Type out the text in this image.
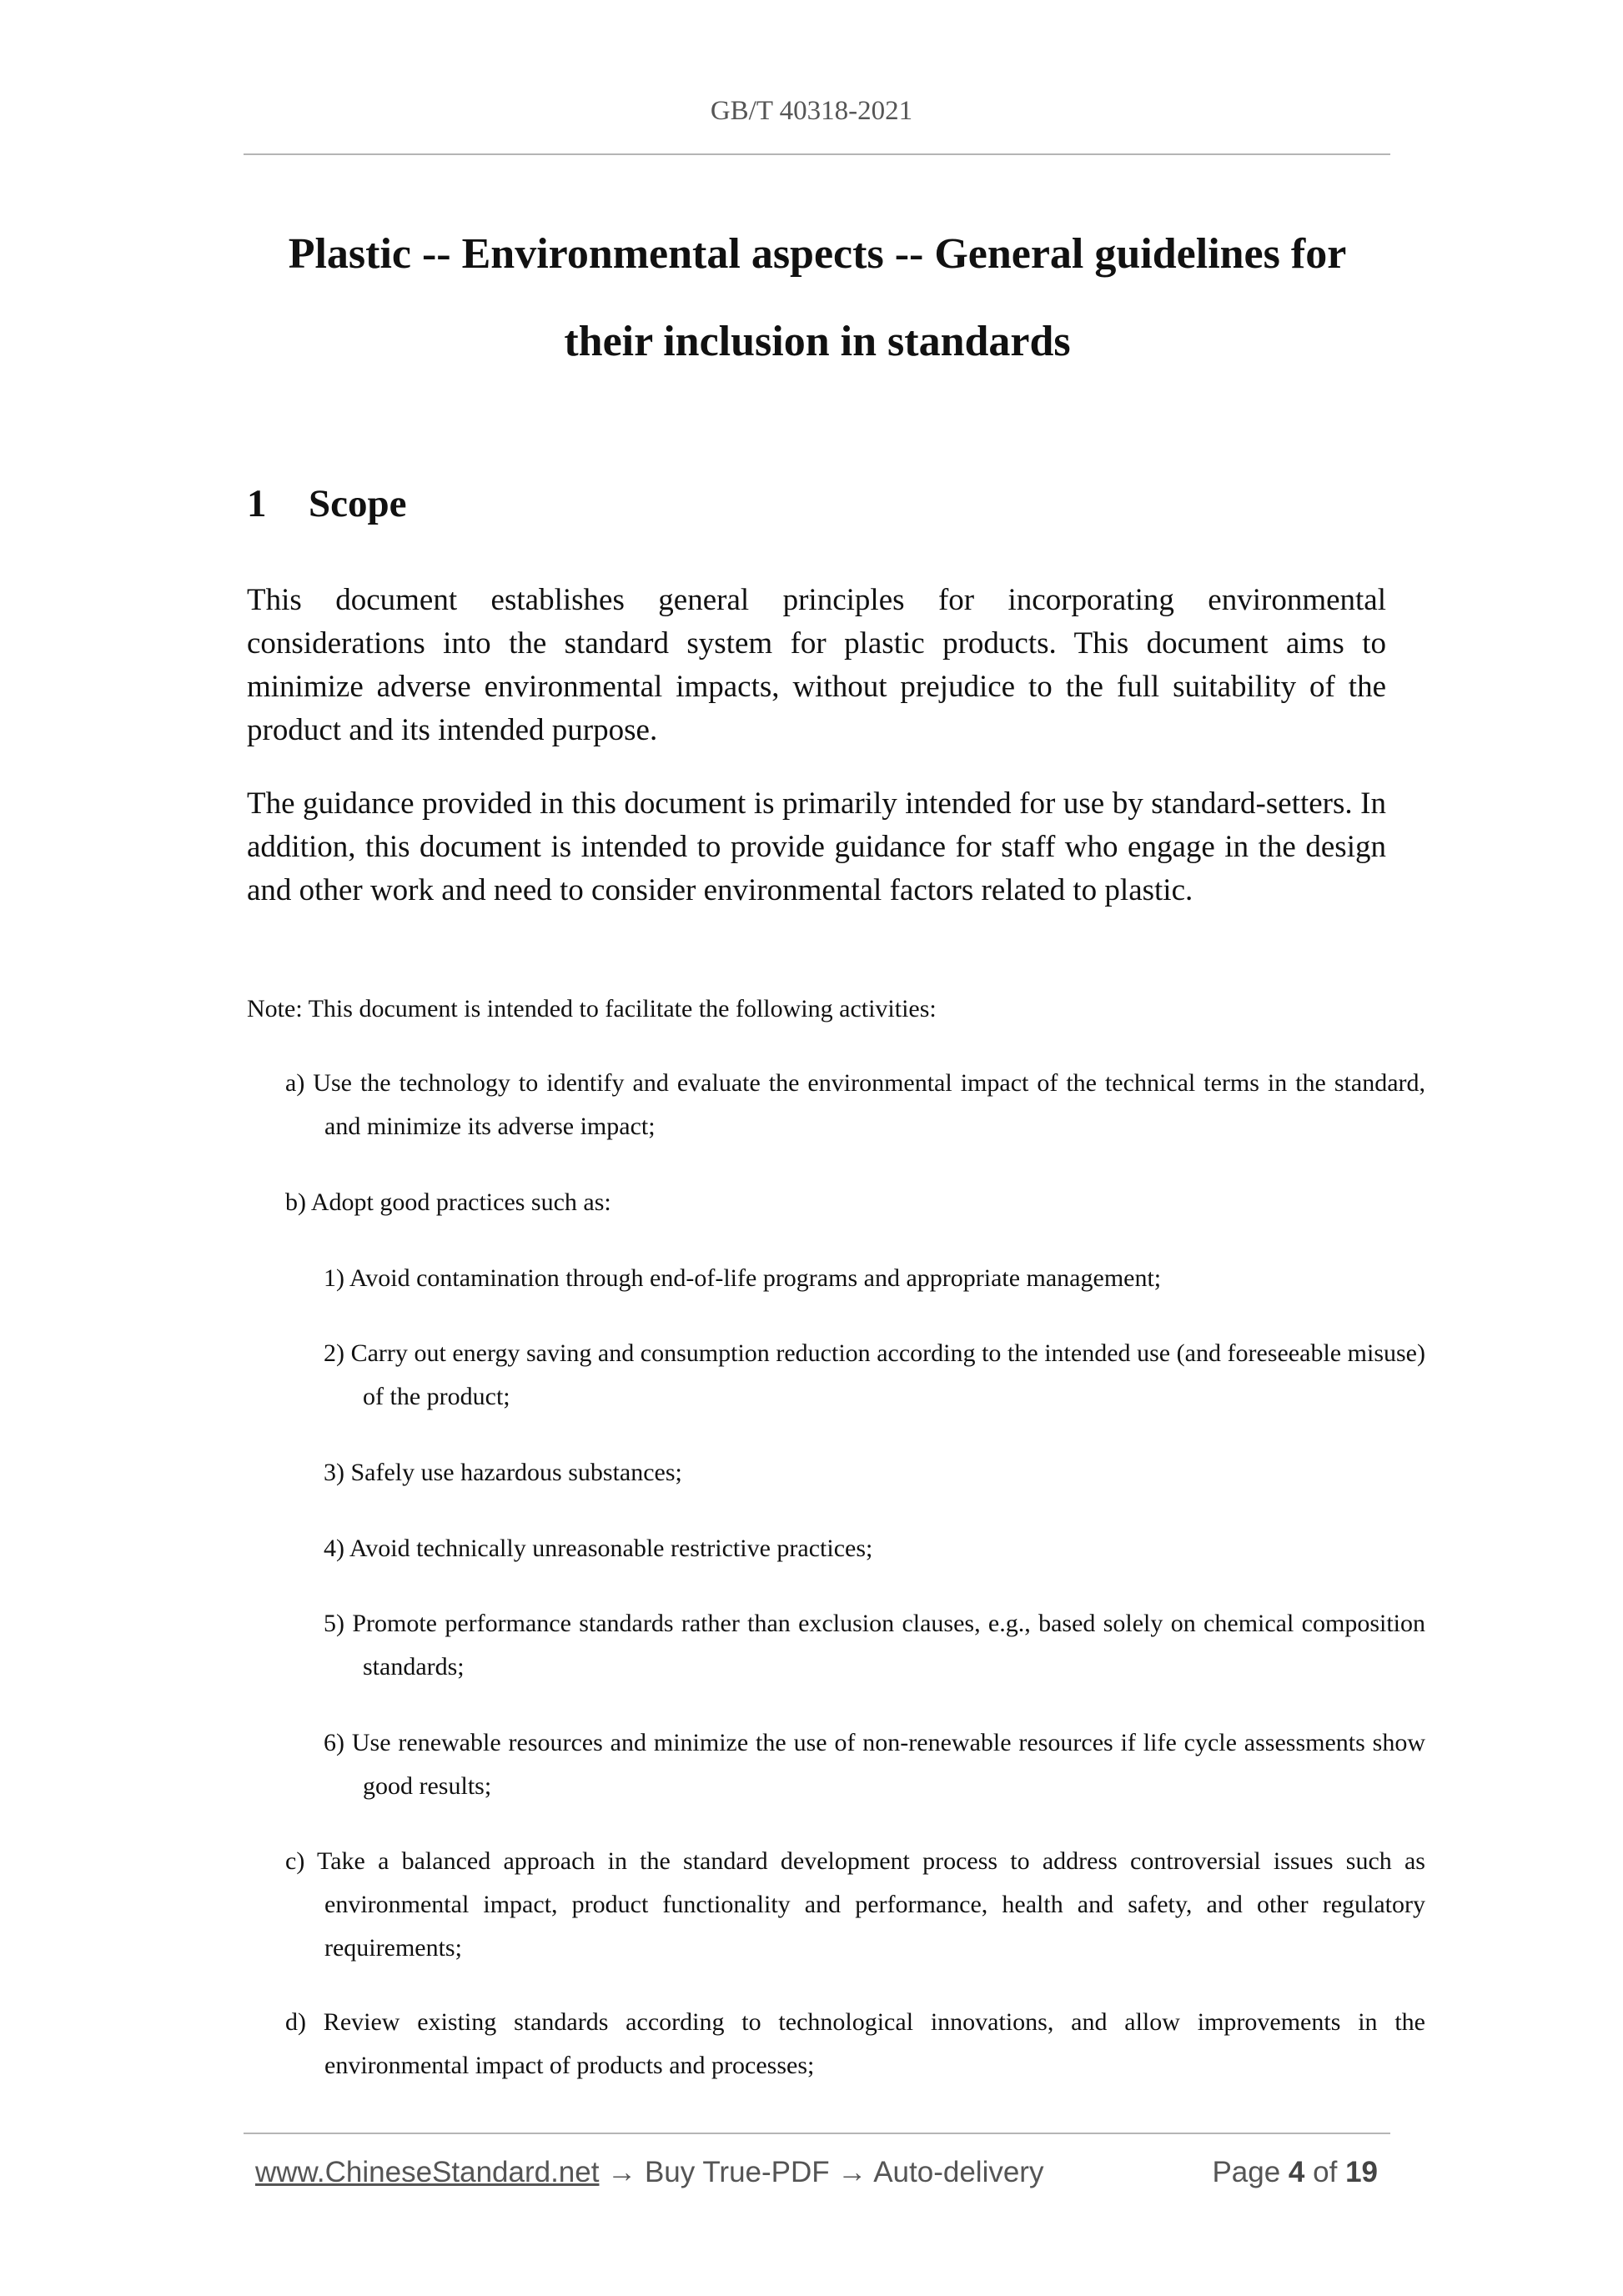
GB/T 40318-2021
Plastic -- Environmental aspects -- General guidelines for
their inclusion in standards
1 Scope

This document establishes general principles for incorporating environmental considerations into the standard system for plastic products. This document aims to minimize adverse environmental impacts, without prejudice to the full suitability of the product and its intended purpose.

The guidance provided in this document is primarily intended for use by standard-setters. In addition, this document is intended to provide guidance for staff who engage in the design and other work and need to consider environmental factors related to plastic.

Note: This document is intended to facilitate the following activities:

a) Use the technology to identify and evaluate the environmental impact of the technical terms in the standard, and minimize its adverse impact;

b) Adopt good practices such as:

1) Avoid contamination through end-of-life programs and appropriate management;

2) Carry out energy saving and consumption reduction according to the intended use (and foreseeable misuse) of the product;

3) Safely use hazardous substances;

4) Avoid technically unreasonable restrictive practices;

5) Promote performance standards rather than exclusion clauses, e.g., based solely on chemical composition standards;

6) Use renewable resources and minimize the use of non-renewable resources if life cycle assessments show good results;

c) Take a balanced approach in the standard development process to address controversial issues such as environmental impact, product functionality and performance, health and safety, and other regulatory requirements;

d) Review existing standards according to technological innovations, and allow improvements in the environmental impact of products and processes;

www.ChineseStandard.net → Buy True-PDF → Auto-delivery	Page 4 of 19
